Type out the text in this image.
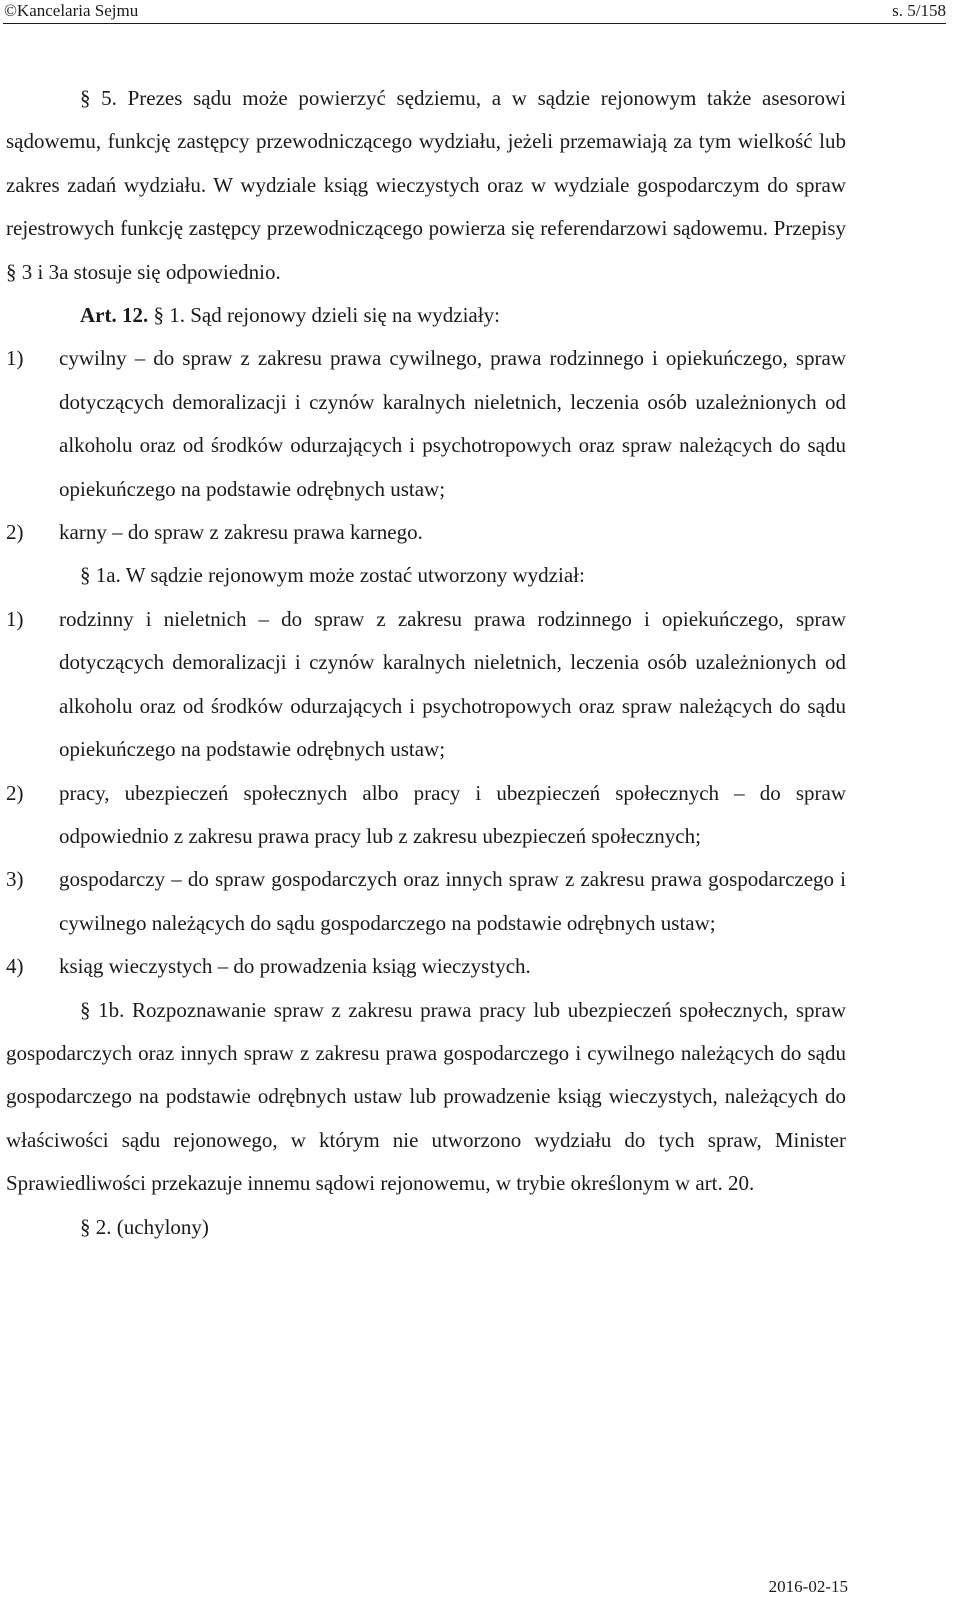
©Kancelaria Sejmu	s. 5/158

§ 5. Prezes sądu może powierzyć sędziemu, a w sądzie rejonowym także asesorowi sądowemu, funkcję zastępcy przewodniczącego wydziału, jeżeli przemawiają za tym wielkość lub zakres zadań wydziału. W wydziale ksiąg wieczystych oraz w wydziale gospodarczym do spraw rejestrowych funkcję zastępcy przewodniczącego powierza się referendarzowi sądowemu. Przepisy § 3 i 3a stosuje się odpowiednio.

Art. 12. § 1. Sąd rejonowy dzieli się na wydziały:

1)	cywilny – do spraw z zakresu prawa cywilnego, prawa rodzinnego i opiekuńczego, spraw dotyczących demoralizacji i czynów karalnych nieletnich, leczenia osób uzależnionych od alkoholu oraz od środków odurzających i psychotropowych oraz spraw należących do sądu opiekuńczego na podstawie odrębnych ustaw;
2)	karny – do spraw z zakresu prawa karnego.

§ 1a. W sądzie rejonowym może zostać utworzony wydział:

1)	rodzinny i nieletnich – do spraw z zakresu prawa rodzinnego i opiekuńczego, spraw dotyczących demoralizacji i czynów karalnych nieletnich, leczenia osób uzależnionych od alkoholu oraz od środków odurzających i psychotropowych oraz spraw należących do sądu opiekuńczego na podstawie odrębnych ustaw;
2)	pracy, ubezpieczeń społecznych albo pracy i ubezpieczeń społecznych – do spraw odpowiednio z zakresu prawa pracy lub z zakresu ubezpieczeń społecznych;
3)	gospodarczy – do spraw gospodarczych oraz innych spraw z zakresu prawa gospodarczego i cywilnego należących do sądu gospodarczego na podstawie odrębnych ustaw;
4)	ksiąg wieczystych – do prowadzenia ksiąg wieczystych.

§ 1b. Rozpoznawanie spraw z zakresu prawa pracy lub ubezpieczeń społecznych, spraw gospodarczych oraz innych spraw z zakresu prawa gospodarczego i cywilnego należących do sądu gospodarczego na podstawie odrębnych ustaw lub prowadzenie ksiąg wieczystych, należących do właściwości sądu rejonowego, w którym nie utworzono wydziału do tych spraw, Minister Sprawiedliwości przekazuje innemu sądowi rejonowemu, w trybie określonym w art. 20.

§ 2. (uchylony)

2016-02-15
